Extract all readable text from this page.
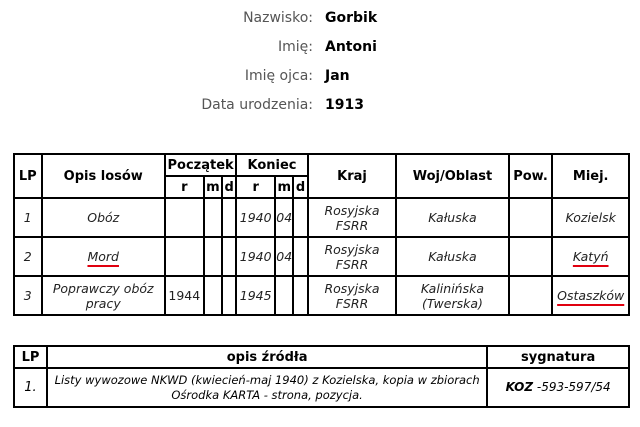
Nazwisko: Gorbik
Imię: Antoni
Imię ojca: Jan
Data urodzenia: 1913
LP	Opis losów	Początek			Koniec			Kraj	Woj/Oblast	Pow.	Miej.
		r	m	d	r	m	d				
1	Obóz				1940	04		Rosyjska FSRR	Kałuska		Kozielsk
2	Mord				1940	04		Rosyjska FSRR	Kałuska		Katyń
3	Poprawczy obóz pracy	1944			1945			Rosyjska FSRR	Kalinińska (Twerska)		Ostaszków
LP	opis źródła	sygnatura
1.	Listy wywozowe NKWD (kwiecień-maj 1940) z Kozielska, kopia w zbiorach Ośrodka KARTA - strona, pozycja.	KOZ -593-597/54
